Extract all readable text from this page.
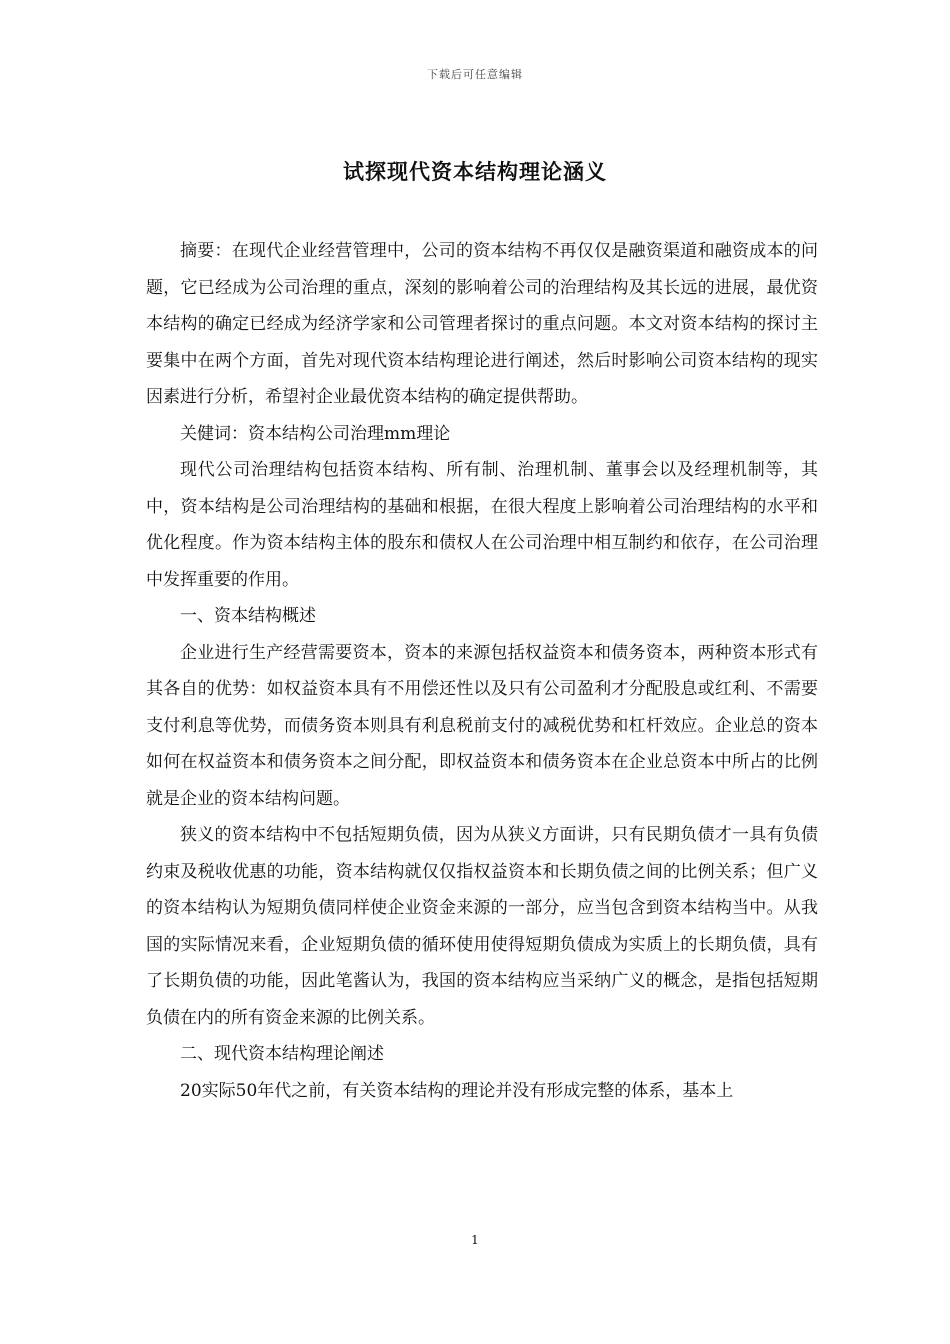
下载后可任意编辑
试探现代资本结构理论涵义

摘要：在现代企业经营管理中，公司的资本结构不再仅仅是融资渠道和融资成本的问题，它已经成为公司治理的重点，深刻的影响着公司的治理结构及其长远的进展，最优资本结构的确定已经成为经济学家和公司管理者探讨的重点问题。本文对资本结构的探讨主要集中在两个方面，首先对现代资本结构理论进行阐述，然后时影响公司资本结构的现实因素进行分析，希望衬企业最优资本结构的确定提供帮助。

关健词：资本结构公司治理mm理论

现代公司治理结构包括资本结构、所有制、治理机制、董事会以及经理机制等，其中，资本结构是公司治理结构的基础和根据，在很大程度上影响着公司治理结构的水平和优化程度。作为资本结构主体的股东和债权人在公司治理中相互制约和依存，在公司治理中发挥重要的作用。

一、资本结构概述

企业进行生产经营需要资本，资本的来源包括权益资本和债务资本，两种资本形式有其各自的优势：如权益资本具有不用偿还性以及只有公司盈利才分配股息或红利、不需要支付利息等优势，而债务资本则具有利息税前支付的减税优势和杠杆效应。企业总的资本如何在权益资本和债务资本之间分配，即权益资本和债务资本在企业总资本中所占的比例就是企业的资本结构问题。

狭义的资本结构中不包括短期负债，因为从狭义方面讲，只有民期负债才一具有负债约束及税收优惠的功能，资本结构就仅仅指权益资本和长期负债之间的比例关系；但广义的资本结构认为短期负债同样使企业资金来源的一部分，应当包含到资本结构当中。从我国的实际情况来看，企业短期负债的循环使用使得短期负债成为实质上的长期负债，具有了长期负债的功能，因此笔酱认为，我国的资本结构应当采纳广义的概念，是指包括短期负债在内的所有资金来源的比例关系。

二、现代资本结构理论阐述

20实际50年代之前，有关资本结构的理论并没有形成完整的体系，基本上

1
